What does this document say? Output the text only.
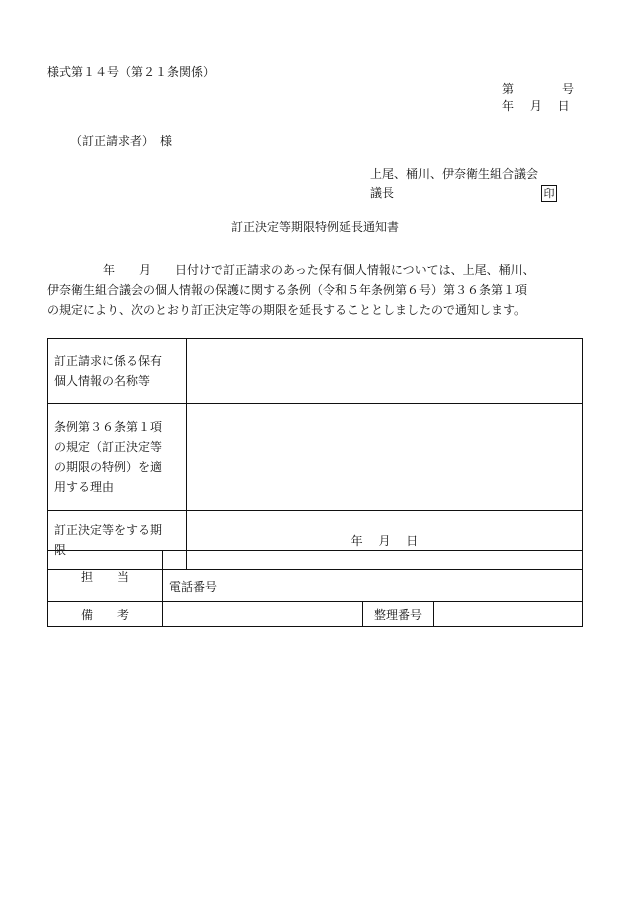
様式第１４号（第２１条関係）
第　　　　号
年　 月　 日
（訂正請求者）　様
上尾、桶川、伊奈衛生組合議会
議長	印
訂正決定等期限特例延長通知書
年　　月　　日付けで訂正請求のあった保有個人情報については、上尾、桶川、
伊奈衛生組合議会の個人情報の保護に関する条例（令和５年条例第６号）第３６条第１項
の規定により、次のとおり訂正決定等の期限を延長することとしましたので通知します。
訂正請求に係る保有
個人情報の名称等	
条例第３６条第１項
の規定（訂正決定等
の期限の特例）を適
用する理由	
訂正決定等をする期
限	年　 月　 日
担　　当	電話番号		
備　　考		整理番号	
